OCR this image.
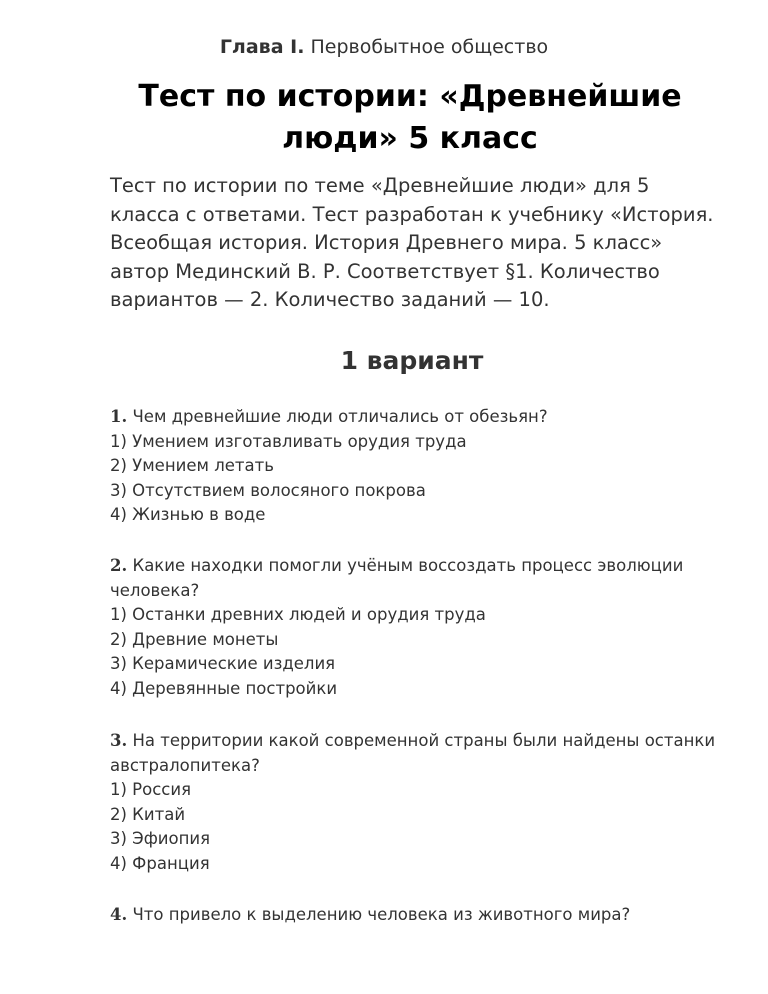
Глава I. Первобытное общество
Тест по истории: «Древнейшие люди» 5 класс
Тест по истории по теме «Древнейшие люди» для 5 класса с ответами. Тест разработан к учебнику «История. Всеобщая история. История Древнего мира. 5 класс» автор Мединский В. Р. Соответствует §1. Количество вариантов — 2. Количество заданий — 10.
1 вариант
1. Чем древнейшие люди отличались от обезьян?
1) Умением изготавливать орудия труда
2) Умением летать
3) Отсутствием волосяного покрова
4) Жизнью в воде
2. Какие находки помогли учёным воссоздать процесс эволюции человека?
1) Останки древних людей и орудия труда
2) Древние монеты
3) Керамические изделия
4) Деревянные постройки
3. На территории какой современной страны были найдены останки австралопитека?
1) Россия
2) Китай
3) Эфиопия
4) Франция
4. Что привело к выделению человека из животного мира?
